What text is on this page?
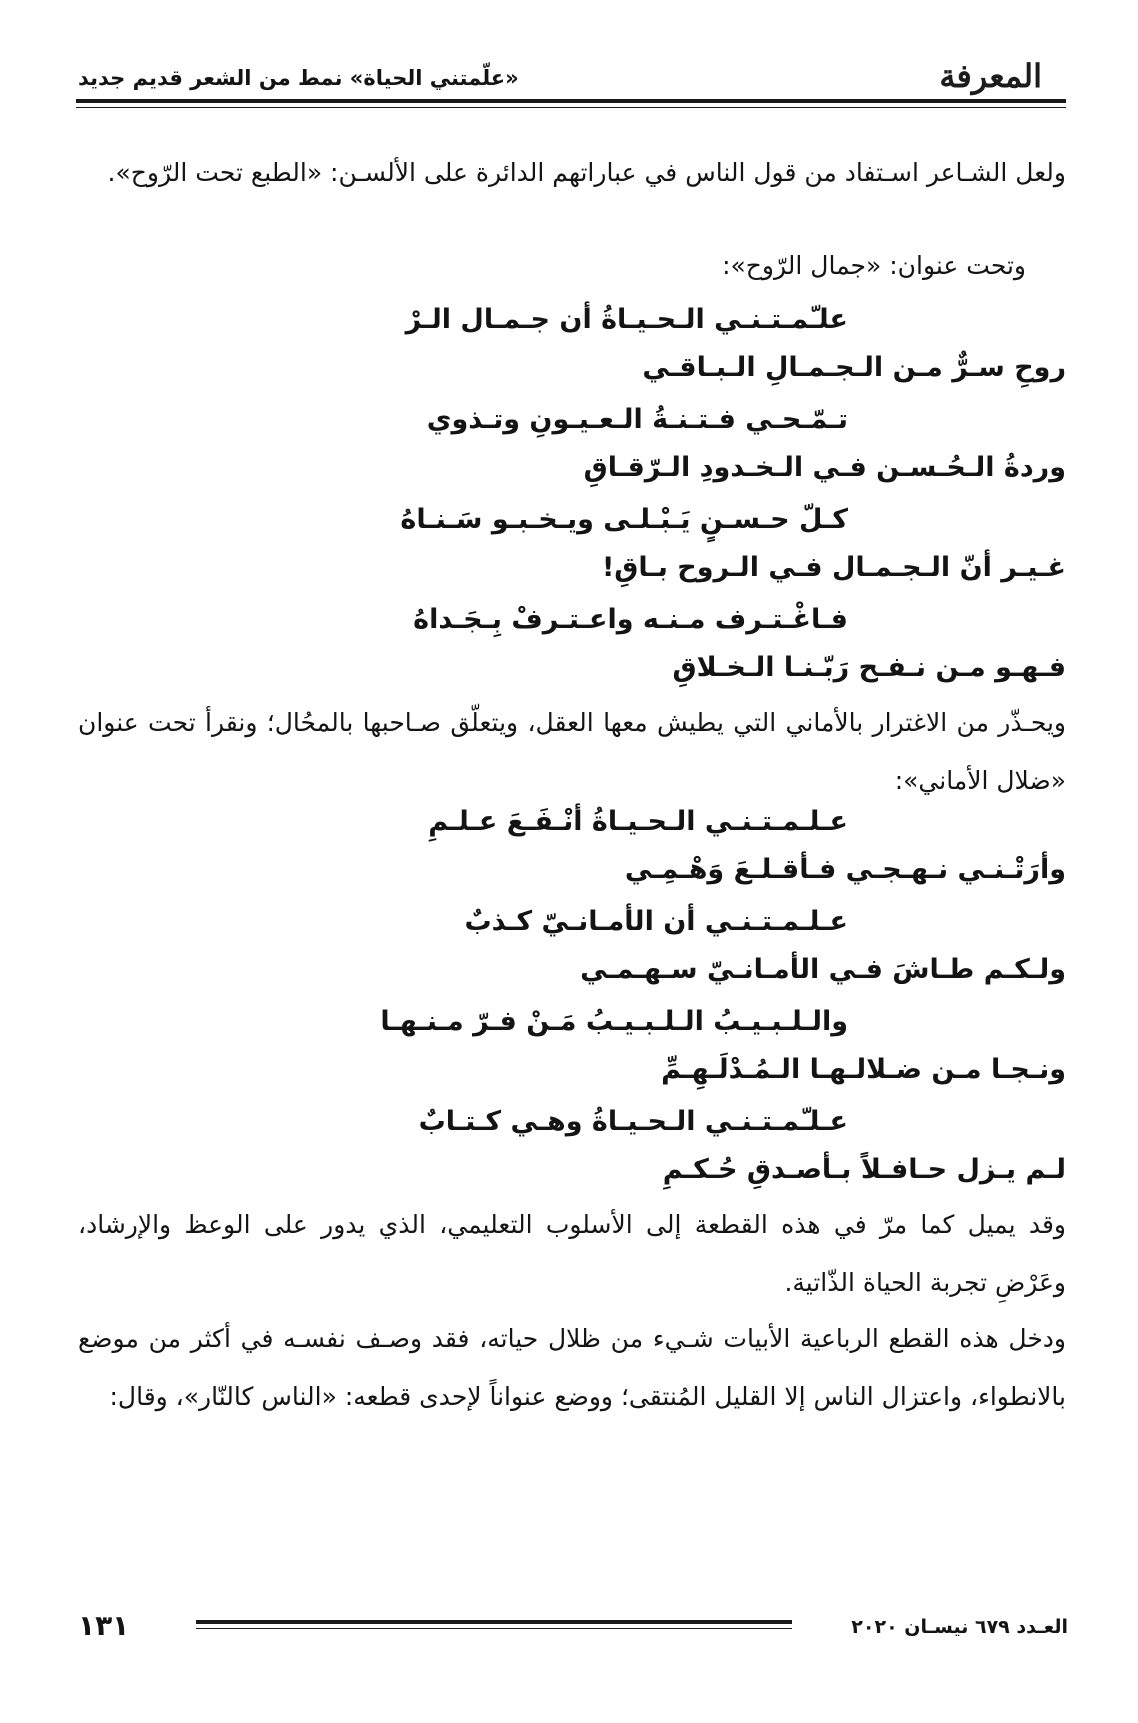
المعرفة
«علّمتني الحياة» نمط من الشعر قديم جديد
ولعل الشـاعر اسـتفاد من قول الناس في عباراتهم الدائرة على الألسـن: «الطبع تحت الرّوح».
وتحت عنوان: «جمال الرّوح»:
علـّمـتـنـي الـحـيـاةُ أن جـمـال الـرْ
روحِ سـرٌّ مـن الـجـمـالِ الـبـاقـي
تـمّـحـي فـتـنـةُ الـعـيـونِ وتـذوي
وردةُ الـحُـسـن فـي الـخـدودِ الـرّقـاقِ
كـلّ حـسـنٍ يَـبْـلـى ويـخـبـو سَـنـاهُ
غـيـر أنّ الـجـمـال فـي الـروح بـاقِ!
فـاغْـتـرف مـنـه واعـتـرفْ بِـجَـداهُ
فـهـو مـن نـفـح رَبّـنـا الـخـلاقِ
ويحـذّر من الاغترار بالأماني التي يطيش معها العقل، ويتعلّق صـاحبها بالمحُال؛ ونقرأ تحت عنوان «ضلال الأماني»:
عـلـمـتـنـي الـحـيـاةُ أنْـفَـعَ عـلـمِ
وأرَتْـنـي نـهـجـي فـأقـلـعَ وَهْـمِـي
عـلـمـتـنـي أن الأمـانـيّ كـذبٌ
ولـكـم طـاشَ فـي الأمـانـيّ سـهـمـي
والـلـبـيـبُ الـلـبـيـبُ مَـنْ فـرّ مـنـهـا
ونـجـا مـن ضـلالـهـا الـمُـدْلَـهِـمِّ
عـلـّمـتـنـي الـحـيـاةُ وهـي كـتـابٌ
لـم يـزل حـافـلاً بـأصـدقِ حُـكـمِ
وقد يميل كما مرّ في هذه القطعة إلى الأسلوب التعليمي، الذي يدور على الوعظ والإرشاد، وعَرْضِ تجربة الحياة الذّاتية.
ودخل هذه القطع الرباعية الأبيات شـيء من ظلال حياته، فقد وصـف نفسـه في أكثر من موضع بالانطواء، واعتزال الناس إلا القليل المُنتقى؛ ووضع عنواناً لإحدى قطعه: «الناس كالنّار»، وقال:
١٣١	العـدد ٦٧٩ نيسـان ٢٠٢٠
